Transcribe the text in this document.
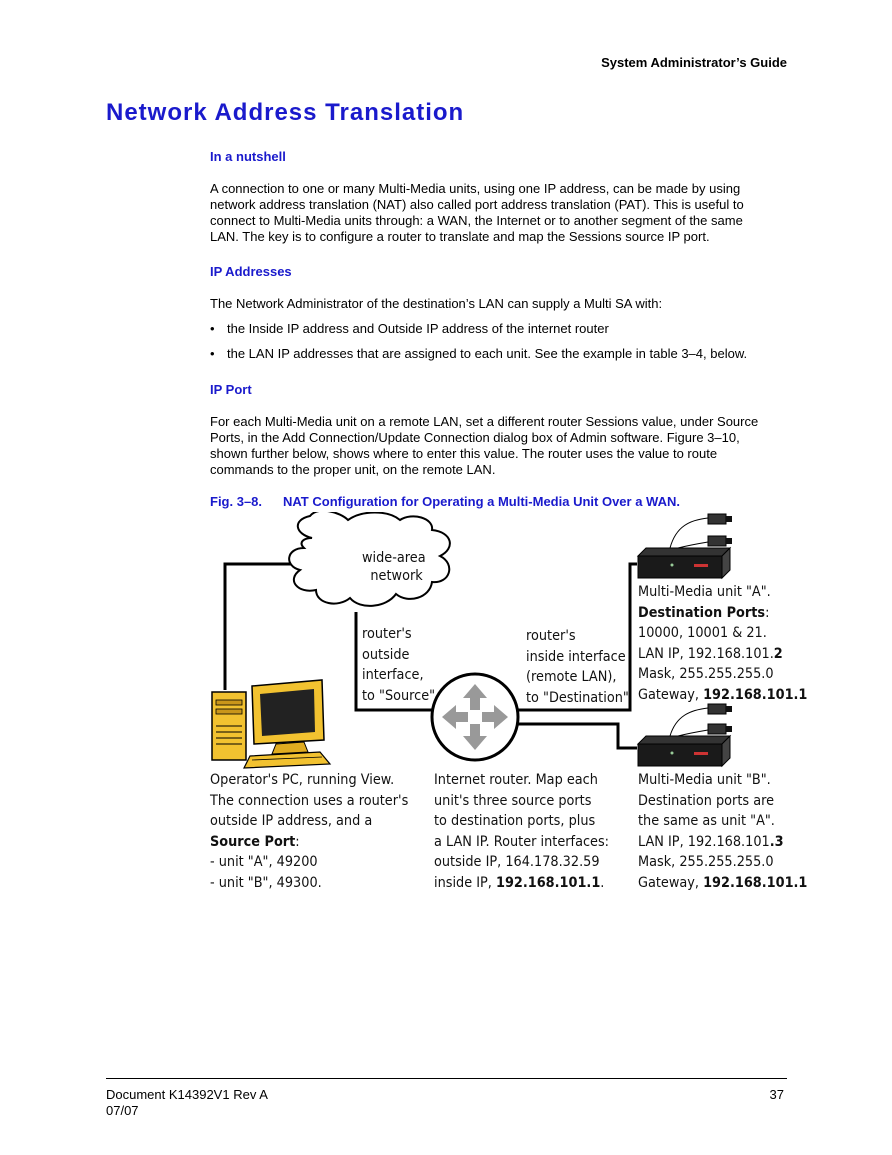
System Administrator’s Guide
Network Address Translation
In a nutshell
A connection to one or many Multi-Media units, using one IP address, can be made by using
network address translation (NAT) also called port address translation (PAT). This is useful to
connect to Multi-Media units through: a WAN, the Internet or to another segment of the same
LAN. The key is to configure a router to translate and map the Sessions source IP port.
IP Addresses
The Network Administrator of the destination’s LAN can supply a Multi SA with:
• the Inside IP address and Outside IP address of the internet router
• the LAN IP addresses that are assigned to each unit. See the example in table 3–4, below.
IP Port
For each Multi-Media unit on a remote LAN, set a different router Sessions value, under Source
Ports, in the Add Connection/Update Connection dialog box of Admin software. Figure 3–10,
shown further below, shows where to enter this value. The router uses the value to route
commands to the proper unit, on the remote LAN.
Fig. 3–8. NAT Configuration for Operating a Multi-Media Unit Over a WAN.
wide-area
network
router's
outside
interface,
to "Source"
router's
inside interface
(remote LAN),
to "Destination"
Multi-Media unit "A".
Destination Ports:
10000, 10001 & 21.
LAN IP, 192.168.101.2
Mask, 255.255.255.0
Gateway, 192.168.101.1
Operator's PC, running View.
The connection uses a router's
outside IP address, and a
Source Port:
- unit "A", 49200
- unit "B", 49300.
Internet router. Map each
unit's three source ports
to destination ports, plus
a LAN IP. Router interfaces:
outside IP, 164.178.32.59
inside IP, 192.168.101.1.
Multi-Media unit "B".
Destination ports are
the same as unit "A".
LAN IP, 192.168.101.3
Mask, 255.255.255.0
Gateway, 192.168.101.1
Document K14392V1 Rev A
07/07
37
